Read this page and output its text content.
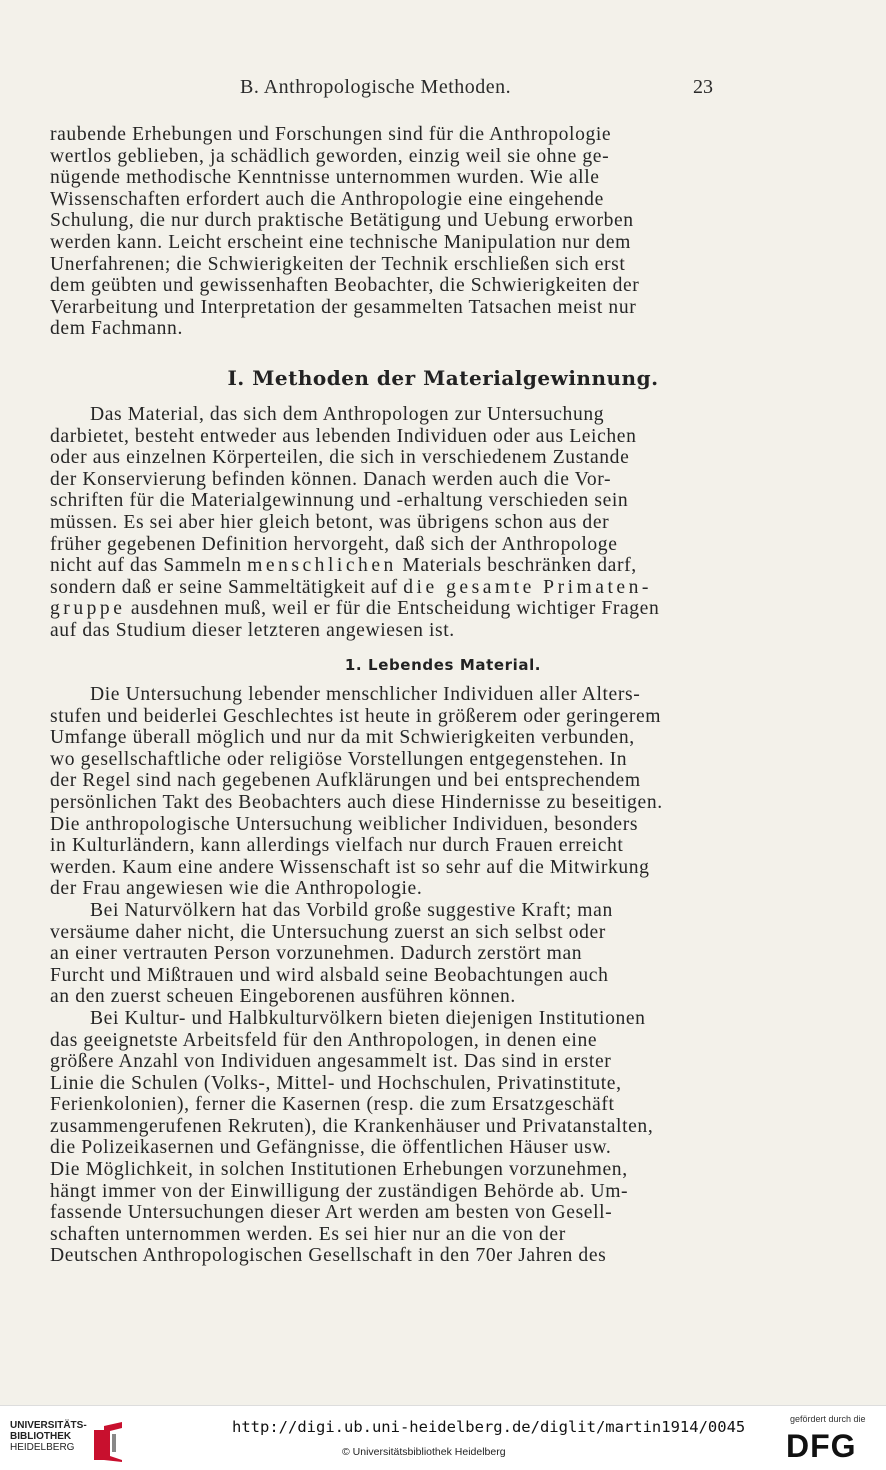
B. Anthropologische Methoden.	23

raubende Erhebungen und Forschungen sind für die Anthropologie

wertlos geblieben, ja schädlich geworden, einzig weil sie ohne ge-

nügende methodische Kenntnisse unternommen wurden. Wie alle

Wissenschaften erfordert auch die Anthropologie eine eingehende

Schulung, die nur durch praktische Betätigung und Uebung erworben

werden kann. Leicht erscheint eine technische Manipulation nur dem

Unerfahrenen; die Schwierigkeiten der Technik erschließen sich erst

dem geübten und gewissenhaften Beobachter, die Schwierigkeiten der

Verarbeitung und Interpretation der gesammelten Tatsachen meist nur

dem Fachmann.

I. Methoden der Materialgewinnung.

Das Material, das sich dem Anthropologen zur Untersuchung

darbietet, besteht entweder aus lebenden Individuen oder aus Leichen

oder aus einzelnen Körperteilen, die sich in verschiedenem Zustande

der Konservierung befinden können. Danach werden auch die Vor-

schriften für die Materialgewinnung und -erhaltung verschieden sein

müssen. Es sei aber hier gleich betont, was übrigens schon aus der

früher gegebenen Definition hervorgeht, daß sich der Anthropologe

nicht auf das Sammeln menschlichen Materials beschränken darf,

sondern daß er seine Sammeltätigkeit auf die gesamte Primaten-

gruppe ausdehnen muß, weil er für die Entscheidung wichtiger Fragen

auf das Studium dieser letzteren angewiesen ist.

1. Lebendes Material.

Die Untersuchung lebender menschlicher Individuen aller Alters-

stufen und beiderlei Geschlechtes ist heute in größerem oder geringerem

Umfange überall möglich und nur da mit Schwierigkeiten verbunden,

wo gesellschaftliche oder religiöse Vorstellungen entgegenstehen. In

der Regel sind nach gegebenen Aufklärungen und bei entsprechendem

persönlichen Takt des Beobachters auch diese Hindernisse zu beseitigen.

Die anthropologische Untersuchung weiblicher Individuen, besonders

in Kulturländern, kann allerdings vielfach nur durch Frauen erreicht

werden. Kaum eine andere Wissenschaft ist so sehr auf die Mitwirkung

der Frau angewiesen wie die Anthropologie.

Bei Naturvölkern hat das Vorbild große suggestive Kraft; man

versäume daher nicht, die Untersuchung zuerst an sich selbst oder

an einer vertrauten Person vorzunehmen. Dadurch zerstört man

Furcht und Mißtrauen und wird alsbald seine Beobachtungen auch

an den zuerst scheuen Eingeborenen ausführen können.

Bei Kultur- und Halbkulturvölkern bieten diejenigen Institutionen

das geeignetste Arbeitsfeld für den Anthropologen, in denen eine

größere Anzahl von Individuen angesammelt ist. Das sind in erster

Linie die Schulen (Volks-, Mittel- und Hochschulen, Privatinstitute,

Ferienkolonien), ferner die Kasernen (resp. die zum Ersatzgeschäft

zusammengerufenen Rekruten), die Krankenhäuser und Privatanstalten,

die Polizeikasernen und Gefängnisse, die öffentlichen Häuser usw.

Die Möglichkeit, in solchen Institutionen Erhebungen vorzunehmen,

hängt immer von der Einwilligung der zuständigen Behörde ab. Um-

fassende Untersuchungen dieser Art werden am besten von Gesell-

schaften unternommen werden. Es sei hier nur an die von der

Deutschen Anthropologischen Gesellschaft in den 70er Jahren des

UNIVERSITÄTS-
BIBLIOTHEK
HEIDELBERG
http://digi.ub.uni-heidelberg.de/diglit/martin1914/0045
© Universitätsbibliothek Heidelberg
gefördert durch die
DFG
